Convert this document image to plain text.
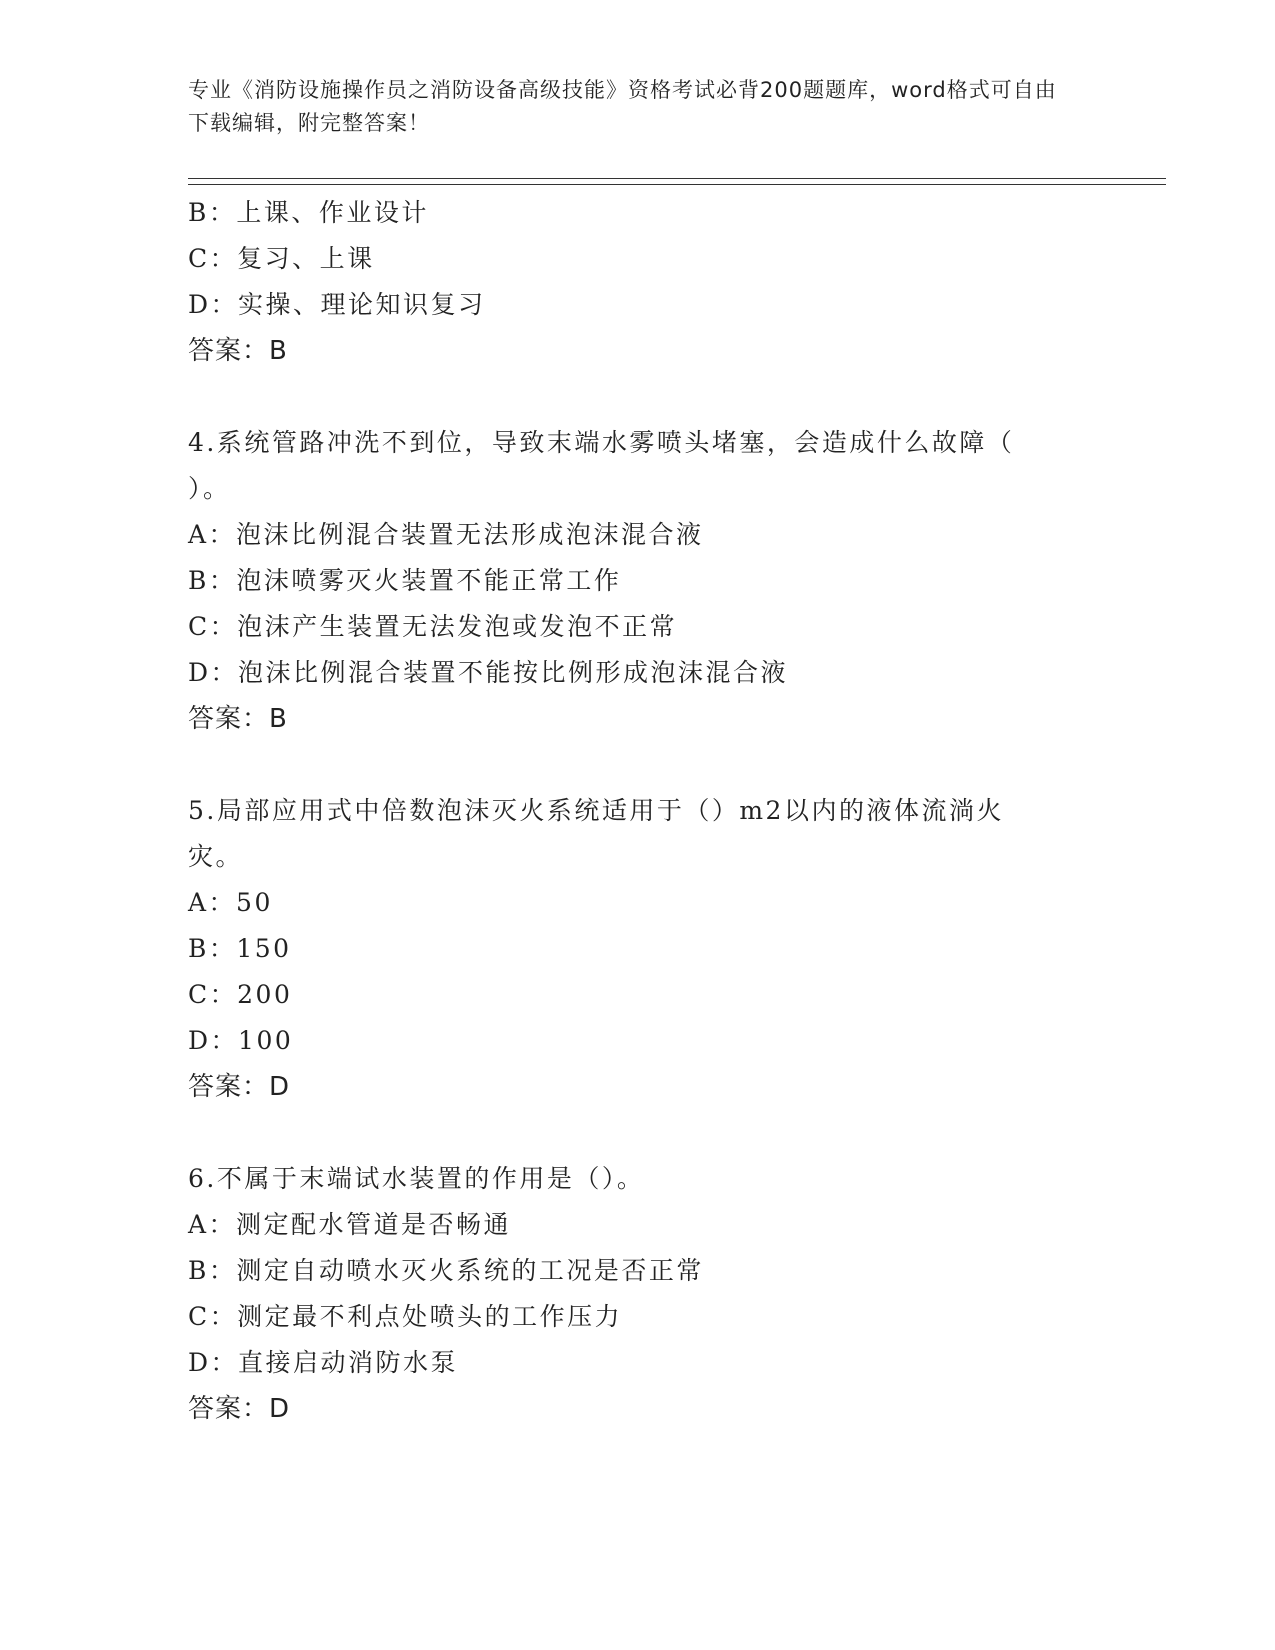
专业《消防设施操作员之消防设备高级技能》资格考试必背200题题库，word格式可自由下载编辑，附完整答案！
B：上课、作业设计
C：复习、上课
D：实操、理论知识复习
答案：B
4.系统管路冲洗不到位，导致末端水雾喷头堵塞，会造成什么故障（ ）。
A：泡沫比例混合装置无法形成泡沫混合液
B：泡沫喷雾灭火装置不能正常工作
C：泡沫产生装置无法发泡或发泡不正常
D：泡沫比例混合装置不能按比例形成泡沫混合液
答案：B
5.局部应用式中倍数泡沫灭火系统适用于（）m2以内的液体流淌火灾。
A：50
B：150
C：200
D：100
答案：D
6.不属于末端试水装置的作用是（）。
A：测定配水管道是否畅通
B：测定自动喷水灭火系统的工况是否正常
C：测定最不利点处喷头的工作压力
D：直接启动消防水泵
答案：D
